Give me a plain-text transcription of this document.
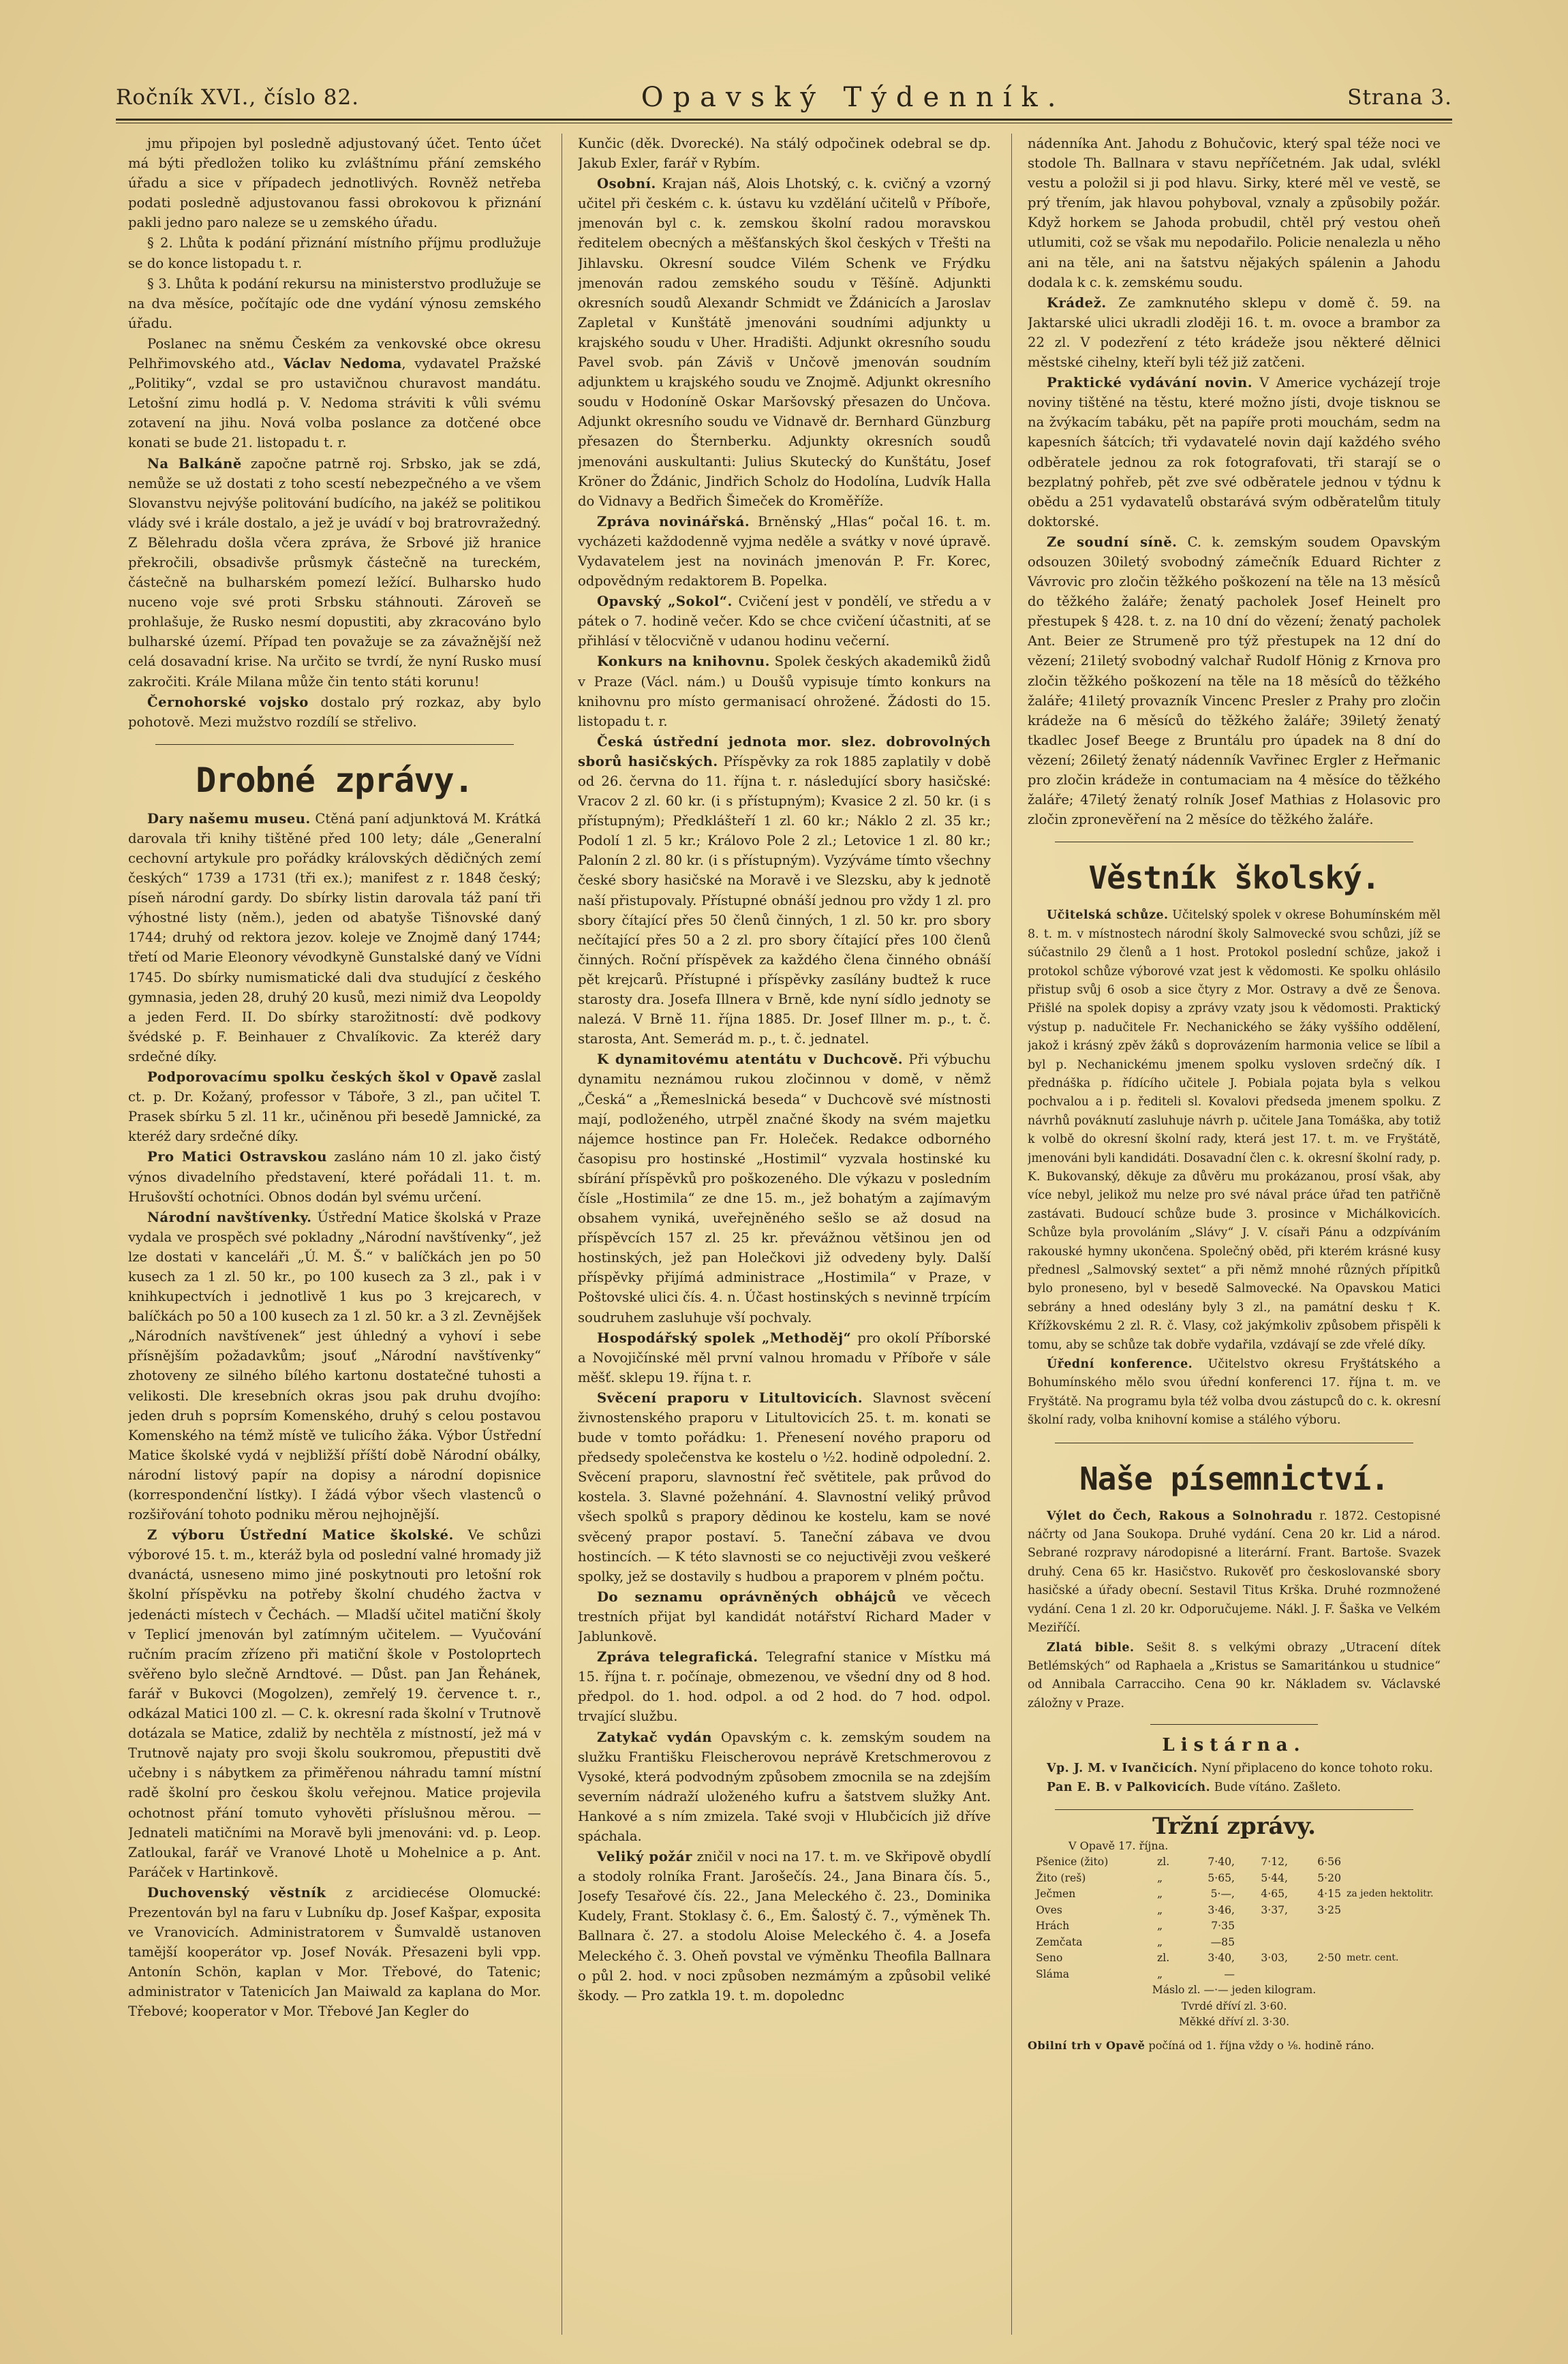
Ročník XVI., číslo 82.	Opavský Týdenník.	Strana 3.

jmu připojen byl posledně adjustovaný účet. Tento účet má býti předložen toliko ku zvláštnímu přání zemského úřadu a sice v případech jednotlivých. Rovněž netřeba podati posledně adjustovanou fassi obrokovou k přiznání pakli jedno paro naleze se u zemského úřadu.

§ 2. Lhůta k podání přiznání místního příjmu prodlužuje se do konce listopadu t. r.

§ 3. Lhůta k podání rekursu na ministerstvo prodlužuje se na dva měsíce, počítajíc ode dne vydání výnosu zemského úřadu.

Poslanec na sněmu Českém za venkovské obce okresu Pelhřimovského atd., Václav Nedoma, vydavatel Pražské „Politiky“, vzdal se pro ustavičnou churavost mandátu. Letošní zimu hodlá p. V. Nedoma stráviti k vůli svému zotavení na jihu. Nová volba poslance za dotčené obce konati se bude 21. listopadu t. r.

Na Balkáně započne patrně roj. Srbsko, jak se zdá, nemůže se už dostati z toho scestí nebezpečného a ve všem Slovanstvu nejvýše politování budícího, na jakéž se politikou vlády své i krále dostalo, a jež je uvádí v boj bratrovražedný. Z Bělehradu došla včera zpráva, že Srbové již hranice překročili, obsadivše průsmyk částečně na tureckém, částečně na bulharském pomezí ležící. Bulharsko hudo nuceno voje své proti Srbsku stáhnouti. Zároveň se prohlašuje, že Rusko nesmí dopustiti, aby zkracováno bylo bulharské území. Případ ten považuje se za závažnější než celá dosavadní krise. Na určito se tvrdí, že nyní Rusko musí zakročiti. Krále Milana může čin tento státi korunu!

Černohorské vojsko dostalo prý rozkaz, aby bylo pohotově. Mezi mužstvo rozdílí se střelivo.

Drobné zprávy.

Dary našemu museu. Ctěná paní adjunktová M. Krátká darovala tři knihy tištěné před 100 lety; dále „Generalní cechovní artykule pro pořádky královských dědičných zemí českých“ 1739 a 1731 (tři ex.); manifest z r. 1848 český; píseň národní gardy. Do sbírky listin darovala táž paní tři výhostné listy (něm.), jeden od abatyše Tišnovské daný 1744; druhý od rektora jezov. koleje ve Znojmě daný 1744; třetí od Marie Eleonory vévodkyně Gunstalské daný ve Vídni 1745. Do sbírky numismatické dali dva studující z českého gymnasia, jeden 28, druhý 20 kusů, mezi nimiž dva Leopoldy a jeden Ferd. II. Do sbírky starožitností: dvě podkovy švédské p. F. Beinhauer z Chvalíkovic. Za kteréž dary srdečné díky.

Podporovacímu spolku českých škol v Opavě zaslal ct. p. Dr. Kožaný, professor v Táboře, 3 zl., pan učitel T. Prasek sbírku 5 zl. 11 kr., učiněnou při besedě Jamnické, za kteréž dary srdečné díky.

Pro Matici Ostravskou zasláno nám 10 zl. jako čistý výnos divadelního představení, které pořádali 11. t. m. Hrušovští ochotníci. Obnos dodán byl svému určení.

Národní navštívenky. Ústřední Matice školská v Praze vydala ve prospěch své pokladny „Národní navštívenky“, jež lze dostati v kanceláři „Ú. M. Š.“ v balíčkách jen po 50 kusech za 1 zl. 50 kr., po 100 kusech za 3 zl., pak i v knihkupectvích i jednotlivě 1 kus po 3 krejcarech, v balíčkách po 50 a 100 kusech za 1 zl. 50 kr. a 3 zl. Zevnějšek „Národních navštívenek“ jest úhledný a vyhoví i sebe přísnějším požadavkům; jsouť „Národní navštívenky“ zhotoveny ze silného bílého kartonu dostatečné tuhosti a velikosti. Dle kresebních okras jsou pak druhu dvojího: jeden druh s poprsím Komenského, druhý s celou postavou Komenského na témž místě ve tulicího žáka. Výbor Ústřední Matice školské vydá v nejbližší příští době Národní obálky, národní listový papír na dopisy a národní dopisnice (korrespondenční lístky). I žádá výbor všech vlastenců o rozšiřování tohoto podniku měrou nejhojnější.

Z výboru Ústřední Matice školské. Ve schůzi výborové 15. t. m., kteráž byla od poslední valné hromady již dvanáctá, usneseno mimo jiné poskytnouti pro letošní rok školní příspěvku na potřeby školní chudého žactva v jedenácti místech v Čechách. — Mladší učitel matiční školy v Teplicí jmenován byl zatímným učitelem. — Vyučování ručním pracím zřízeno při matiční škole v Postoloprtech svěřeno bylo slečně Arndtové. — Důst. pan Jan Řehánek, farář v Bukovci (Mogolzen), zemřelý 19. července t. r., odkázal Matici 100 zl. — C. k. okresní rada školní v Trutnově dotázala se Matice, zdaliž by nechtěla z místností, jež má v Trutnově najaty pro svoji školu soukromou, přepustiti dvě učebny i s nábytkem za přiměřenou náhradu tamní místní radě školní pro českou školu veřejnou. Matice projevila ochotnost přání tomuto vyhověti příslušnou měrou. — Jednateli matičními na Moravě byli jmenováni: vd. p. Leop. Zatloukal, farář ve Vranové Lhotě u Mohelnice a p. Ant. Paráček v Hartinkově.

Duchovenský věstník z arcidiecése Olomucké: Prezentován byl na faru v Lubníku dp. Josef Kašpar, exposita ve Vranovicích. Administratorem v Šumvaldě ustanoven tamější kooperátor vp. Josef Novák. Přesazeni byli vpp. Antonín Schön, kaplan v Mor. Třebové, do Tatenic; administrator v Tatenicích Jan Maiwald za kaplana do Mor. Třebové; kooperator v Mor. Třebové Jan Kegler do

Kunčic (děk. Dvorecké). Na stálý odpočinek odebral se dp. Jakub Exler, farář v Rybím.

Osobní. Krajan náš, Alois Lhotský, c. k. cvičný a vzorný učitel při českém c. k. ústavu ku vzdělání učitelů v Příboře, jmenován byl c. k. zemskou školní radou moravskou ředitelem obecných a měšťanských škol českých v Třešti na Jihlavsku. Okresní soudce Vilém Schenk ve Frýdku jmenován radou zemského soudu v Těšíně. Adjunkti okresních soudů Alexandr Schmidt ve Ždánicích a Jaroslav Zapletal v Kunštátě jmenováni soudními adjunkty u krajského soudu v Uher. Hradišti. Adjunkt okresního soudu Pavel svob. pán Záviš v Unčově jmenován soudním adjunktem u krajského soudu ve Znojmě. Adjunkt okresního soudu v Hodoníně Oskar Maršovský přesazen do Unčova. Adjunkt okresního soudu ve Vidnavě dr. Bernhard Günzburg přesazen do Šternberku. Adjunkty okresních soudů jmenováni auskultanti: Julius Skutecký do Kunštátu, Josef Kröner do Ždánic, Jindřich Scholz do Hodolína, Ludvík Halla do Vidnavy a Bedřich Šimeček do Kroměříže.

Zpráva novinářská. Brněnský „Hlas“ počal 16. t. m. vycházeti každodenně vyjma neděle a svátky v nové úpravě. Vydavatelem jest na novinách jmenován P. Fr. Korec, odpovědným redaktorem B. Popelka.

Opavský „Sokol“. Cvičení jest v pondělí, ve středu a v pátek o 7. hodině večer. Kdo se chce cvičení účastniti, ať se přihlásí v tělocvičně v udanou hodinu večerní.

Konkurs na knihovnu. Spolek českých akademiků židů v Praze (Václ. nám.) u Doušů vypisuje tímto konkurs na knihovnu pro místo germanisací ohrožené. Žádosti do 15. listopadu t. r.

Česká ústřední jednota mor. slez. dobrovolných sborů hasičských. Příspěvky za rok 1885 zaplatily v době od 26. června do 11. října t. r. následující sbory hasičské: Vracov 2 zl. 60 kr. (i s přístupným); Kvasice 2 zl. 50 kr. (i s přístupným); Předklášteří 1 zl. 60 kr.; Náklo 2 zl. 35 kr.; Podolí 1 zl. 5 kr.; Královo Pole 2 zl.; Letovice 1 zl. 80 kr.; Palonín 2 zl. 80 kr. (i s přístupným). Vyzýváme tímto všechny české sbory hasičské na Moravě i ve Slezsku, aby k jednotě naší přistupovaly. Přístupné obnáší jednou pro vždy 1 zl. pro sbory čítající přes 50 členů činných, 1 zl. 50 kr. pro sbory nečítající přes 50 a 2 zl. pro sbory čítající přes 100 členů činných. Roční příspěvek za každého člena činného obnáší pět krejcarů. Přístupné i příspěvky zasílány budtež k ruce starosty dra. Josefa Illnera v Brně, kde nyní sídlo jednoty se nalezá. V Brně 11. října 1885. Dr. Josef Illner m. p., t. č. starosta, Ant. Semerád m. p., t. č. jednatel.

K dynamitovému atentátu v Duchcově. Při výbuchu dynamitu neznámou rukou zločinnou v domě, v němž „Česká“ a „Řemeslnická beseda“ v Duchcově své místnosti mají, podloženého, utrpěl značné škody na svém majetku nájemce hostince pan Fr. Holeček. Redakce odborného časopisu pro hostinské „Hostimil“ vyzvala hostinské ku sbírání příspěvků pro poškozeného. Dle výkazu v posledním čísle „Hostimila“ ze dne 15. m., jež bohatým a zajímavým obsahem vyniká, uveřejněného sešlo se až dosud na příspěvcích 157 zl. 25 kr. převážnou většinou jen od hostinských, jež pan Holečkovi již odvedeny byly. Další příspěvky přijímá administrace „Hostimila“ v Praze, v Poštovské ulici čís. 4. n. Účast hostinských s nevinně trpícím soudruhem zasluhuje vší pochvaly.

Hospodářský spolek „Methoděj“ pro okolí Příborské a Novojičínské měl první valnou hromadu v Příboře v sále měšť. sklepu 19. října t. r.

Svěcení praporu v Litultovicích. Slavnost svěcení živnostenského praporu v Litultovicích 25. t. m. konati se bude v tomto pořádku: 1. Přenesení nového praporu od předsedy společenstva ke kostelu o ½2. hodině odpolední. 2. Svěcení praporu, slavnostní řeč světitele, pak průvod do kostela. 3. Slavné požehnání. 4. Slavnostní veliký průvod všech spolků s prapory dědinou ke kostelu, kam se nové svěcený prapor postaví. 5. Taneční zábava ve dvou hostincích. — K této slavnosti se co nejuctivěji zvou veškeré spolky, jež se dostavily s hudbou a praporem v plném počtu.

Do seznamu oprávněných obhájců ve věcech trestních přijat byl kandidát notářství Richard Mader v Jablunkově.

Zpráva telegrafická. Telegrafní stanice v Místku má 15. října t. r. počínaje, obmezenou, ve všední dny od 8 hod. předpol. do 1. hod. odpol. a od 2 hod. do 7 hod. odpol. trvající službu.

Zatykač vydán Opavským c. k. zemským soudem na služku Františku Fleischerovou neprávě Kretschmerovou z Vysoké, která podvodným způsobem zmocnila se na zdejším severním nádraží uloženého kufru a šatstvem služky Ant. Hankové a s ním zmizela. Také svoji v Hlubčicích již dříve spáchala.

Veliký požár zničil v noci na 17. t. m. ve Skřipově obydlí a stodoly rolníka Frant. Jarošečís. 24., Jana Binara čís. 5., Josefy Tesařové čís. 22., Jana Meleckého č. 23., Dominika Kudely, Frant. Stoklasy č. 6., Em. Šalostý č. 7., výměnek Th. Ballnara č. 27. a stodolu Aloise Meleckého č. 4. a Josefa Meleckého č. 3. Oheň povstal ve výměnku Theofila Ballnara o půl 2. hod. v noci způsoben nezmámým a způsobil veliké škody. — Pro zatkla 19. t. m. dopolednc

nádenníka Ant. Jahodu z Bohučovic, který spal téže noci ve stodole Th. Ballnara v stavu nepříčetném. Jak udal, svlékl vestu a položil si ji pod hlavu. Sirky, které měl ve vestě, se prý třením, jak hlavou pohyboval, vznaly a způsobily požár. Když horkem se Jahoda probudil, chtěl prý vestou oheň utlumiti, což se však mu nepodařilo. Policie nenalezla u něho ani na těle, ani na šatstvu nějakých spálenin a Jahodu dodala k c. k. zemskému soudu.

Krádež. Ze zamknutého sklepu v domě č. 59. na Jaktarské ulici ukradli zloději 16. t. m. ovoce a brambor za 22 zl. V podezření z této krádeže jsou některé dělnici městské cihelny, kteří byli též již zatčeni.

Praktické vydávání novin. V Americe vycházejí troje noviny tištěné na těstu, které možno jísti, dvoje tisknou se na žvýkacím tabáku, pět na papíře proti mouchám, sedm na kapesních šátcích; tři vydavatelé novin dají každého svého odběratele jednou za rok fotografovati, tři starají se o bezplatný pohřeb, pět zve své odběratele jednou v týdnu k obědu a 251 vydavatelů obstarává svým odběratelům tituly doktorské.

Ze soudní síně. C. k. zemským soudem Opavským odsouzen 30iletý svobodný zámečník Eduard Richter z Vávrovic pro zločin těžkého poškození na těle na 13 měsíců do těžkého žaláře; ženatý pacholek Josef Heinelt pro přestupek § 428. t. z. na 10 dní do vězení; ženatý pacholek Ant. Beier ze Strumeně pro týž přestupek na 12 dní do vězení; 21iletý svobodný valchař Rudolf Hönig z Krnova pro zločin těžkého poškození na těle na 18 měsíců do těžkého žaláře; 41iletý provazník Vincenc Presler z Prahy pro zločin krádeže na 6 měsíců do těžkého žaláře; 39iletý ženatý tkadlec Josef Beege z Bruntálu pro úpadek na 8 dní do vězení; 26iletý ženatý nádenník Vavřinec Ergler z Heřmanic pro zločin krádeže in contumaciam na 4 měsíce do těžkého žaláře; 47iletý ženatý rolník Josef Mathias z Holasovic pro zločin zpronevěření na 2 měsíce do těžkého žaláře.

Věstník školský.

Učitelská schůze. Učitelský spolek v okrese Bohumínském měl 8. t. m. v místnostech národní školy Salmovecké svou schůzi, jíž se súčastnilo 29 členů a 1 host. Protokol poslední schůze, jakož i protokol schůze výborové vzat jest k vědomosti. Ke spolku ohlásilo přistup svůj 6 osob a sice čtyry z Mor. Ostravy a dvě ze Šenova. Přišlé na spolek dopisy a zprávy vzaty jsou k vědomosti. Praktický výstup p. nadučitele Fr. Nechanického se žáky vyššího oddělení, jakož i krásný zpěv žáků s doprovázením harmonia velice se líbil a byl p. Nechanickému jmenem spolku vysloven srdečný dík. I přednáška p. řídícího učitele J. Pobiala pojata byla s velkou pochvalou a i p. řediteli sl. Kovalovi předseda jmenem spolku. Z návrhů pováknutí zasluhuje návrh p. učitele Jana Tomáška, aby totiž k volbě do okresní školní rady, která jest 17. t. m. ve Fryštátě, jmenováni byli kandidáti. Dosavadní člen c. k. okresní školní rady, p. K. Bukovanský, děkuje za důvěru mu prokázanou, prosí však, aby více nebyl, jelikož mu nelze pro své nával práce úřad ten patřičně zastávati. Budoucí schůze bude 3. prosince v Michálkovicích. Schůze byla provoláním „Slávy“ J. V. císaři Pánu a odzpíváním rakouské hymny ukončena. Společný oběd, při kterém krásné kusy přednesl „Salmovský sextet“ a při němž mnohé různých přípitků bylo proneseno, byl v besedě Salmovecké. Na Opavskou Matici sebrány a hned odeslány byly 3 zl., na památní desku † K. Křížkovskému 2 zl. R. č. Vlasy, což jakýmkoliv způsobem přispěli k tomu, aby se schůze tak dobře vydařila, vzdávají se zde vřelé díky.

Úřední konference. Učitelstvo okresu Fryštátského a Bohumínského mělo svou úřední konferenci 17. října t. m. ve Fryštátě. Na programu byla též volba dvou zástupců do c. k. okresní školní rady, volba knihovní komise a stálého výboru.

Naše písemnictví.

Výlet do Čech, Rakous a Solnohradu r. 1872. Cestopisné náčrty od Jana Soukopa. Druhé vydání. Cena 20 kr. Lid a národ. Sebrané rozpravy národopisné a literární. Frant. Bartoše. Svazek druhý. Cena 65 kr. Hasičstvo. Rukověť pro českoslovanské sbory hasičské a úřady obecní. Sestavil Titus Krška. Druhé rozmnožené vydání. Cena 1 zl. 20 kr. Odporučujeme. Nákl. J. F. Šaška ve Velkém Meziříčí.

Zlatá bible. Sešit 8. s velkými obrazy „Utracení dítek Betlémských“ od Raphaela a „Kristus se Samaritánkou u studnice“ od Annibala Carracciho. Cena 90 kr. Nákladem sv. Václavské záložny v Praze.

Listárna.

Vp. J. M. v Ivančicích. Nyní připlaceno do konce tohoto roku.

Pan E. B. v Palkovicích. Bude vítáno. Zašleto.

Tržní zprávy.
V Opavě 17. října.
Pšenice (žito)	zl.	7·40,	7·12,	6·56	
Žito (reš)	„	5·65,	5·44,	5·20	
Ječmen	„	5·—,	4·65,	4·15	za jeden hektolitr.
Oves	„	3·46,	3·37,	3·25	
Hrách	„	7·35			
Zemčata	„	—85			
Seno	zl.	3·40,	3·03,	2·50	metr. cent.
Sláma	„	—			
Máslo zl. —·— jeden kilogram.
Tvrdé dříví zl. 3·60.
Měkké dříví zl. 3·30.
Obilní trh v Opavě počíná od 1. října vždy o ⅟₈. hodině ráno.
